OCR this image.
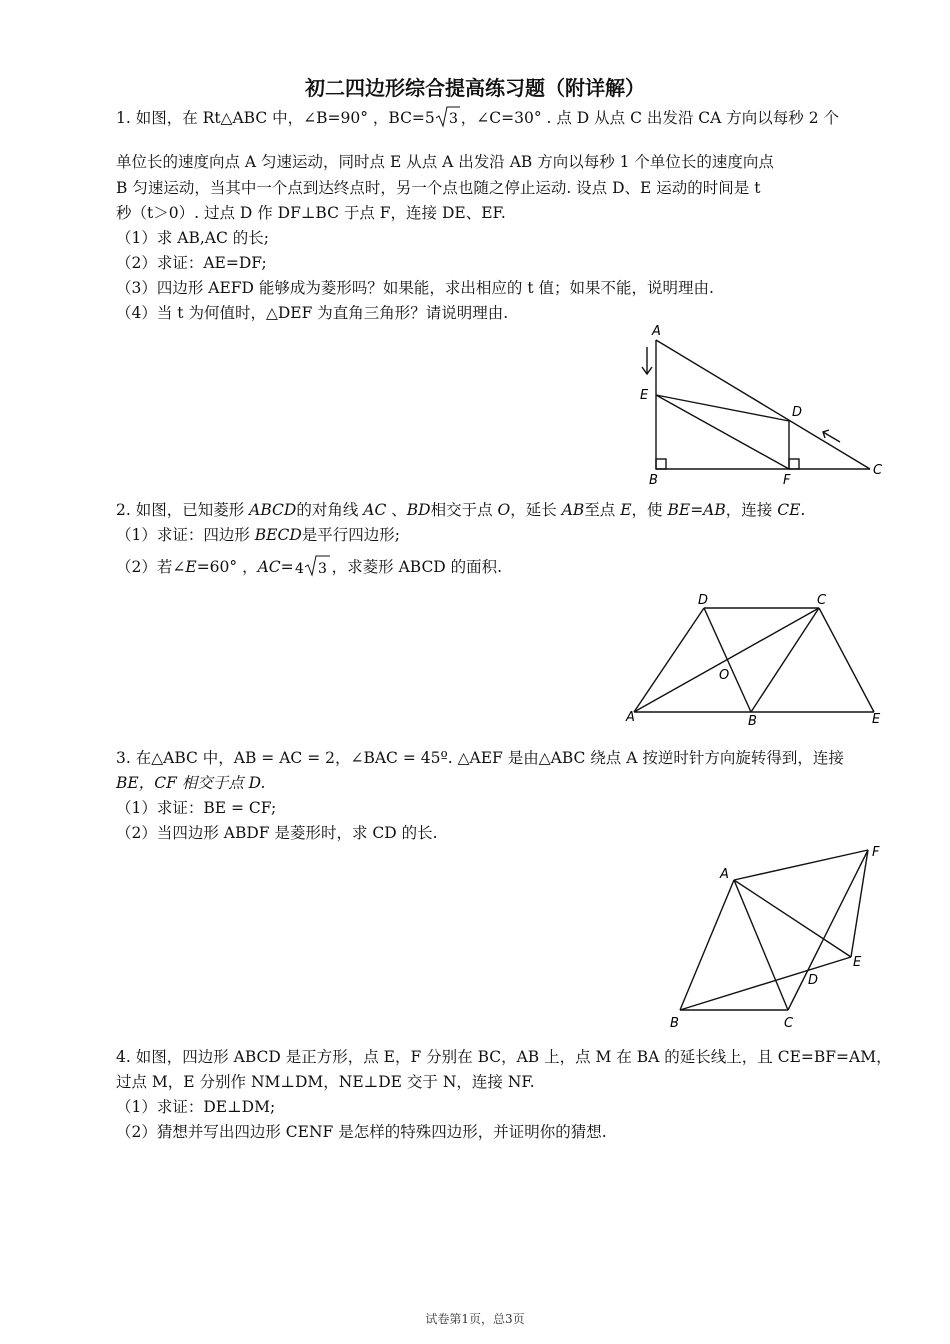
初二四边形综合提高练习题（附详解）
1. 如图，在 Rt△ABC 中，∠B=90° ，BC=5 3 ，∠C=30° . 点 D 从点 C 出发沿 CA 方向以每秒 2 个
单位长的速度向点 A 匀速运动，同时点 E 从点 A 出发沿 AB 方向以每秒 1 个单位长的速度向点
B 匀速运动，当其中一个点到达终点时，另一个点也随之停止运动. 设点 D、E 运动的时间是 t
秒（t＞0）. 过点 D 作 DF⊥BC 于点 F，连接 DE、EF.
（1）求 AB,AC 的长;
（2）求证：AE=DF;
（3）四边形 AEFD 能够成为菱形吗？如果能，求出相应的 t 值；如果不能，说明理由.
（4）当 t 为何值时，△DEF 为直角三角形？请说明理由.
A
E
D
B	F
C
2. 如图，已知菱形 ABCD的对角线 AC 、BD相交于点 O，延长 AB至点 E，使 BE=AB，连接 CE.
（1）求证：四边形 BECD是平行四边形;
（2）若∠E=60° ，AC= 4 3 ，求菱形 ABCD 的面积.
D	C
O
A	B	E
3. 在△ABC 中，AB = AC = 2，∠BAC = 45º. △AEF 是由△ABC 绕点 A 按逆时针方向旋转得到，连接
BE，CF 相交于点 D.
（1）求证：BE = CF;
（2）当四边形 ABDF 是菱形时，求 CD 的长.
A
F
E
D
B	C
4. 如图，四边形 ABCD 是正方形，点 E，F 分别在 BC，AB 上，点 M 在 BA 的延长线上，且 CE=BF=AM，
过点 M，E 分别作 NM⊥DM，NE⊥DE 交于 N，连接 NF.
（1）求证：DE⊥DM;
（2）猜想并写出四边形 CENF 是怎样的特殊四边形，并证明你的猜想.
试卷第1页，总3页
